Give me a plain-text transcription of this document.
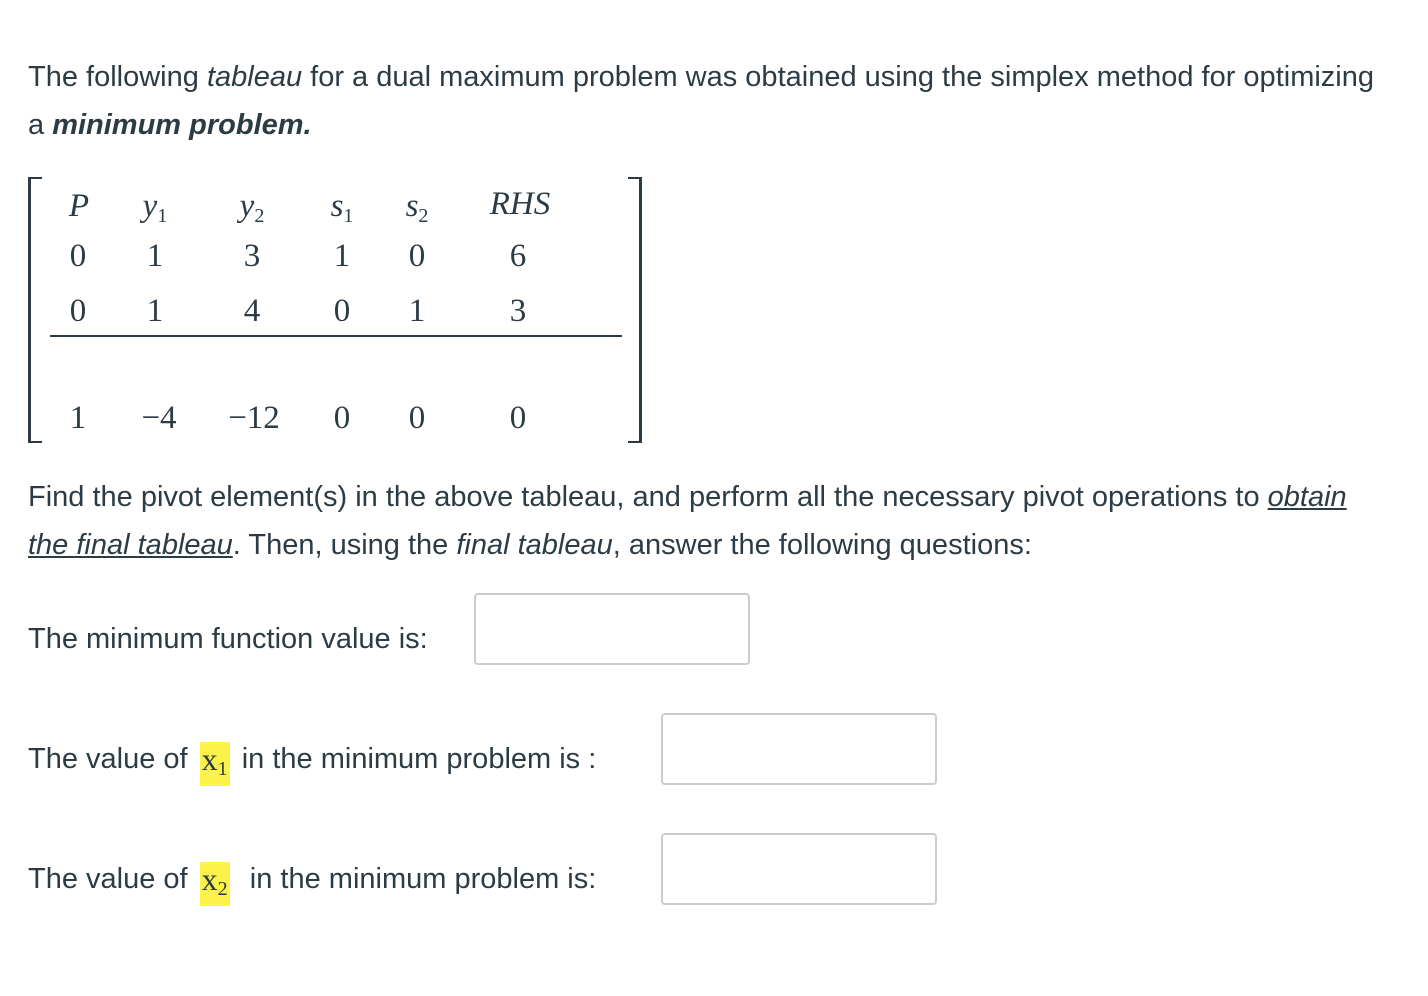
The following tableau for a dual maximum problem was obtained using the simplex method for optimizing a minimum problem.

P $y_1$ $y_2$ $s_1$ $s_2$ RHS
0 1 3 1 0	6
0 1 4 0 1	3
1 −4 −12 0 0	0

Find the pivot element(s) in the above tableau, and perform all the necessary pivot operations to obtain the final tableau. Then, using the final tableau, answer the following questions:

The minimum function value is:
The value of $x_1$ in the minimum problem is :
The value of $x_2$  in the minimum problem is:
